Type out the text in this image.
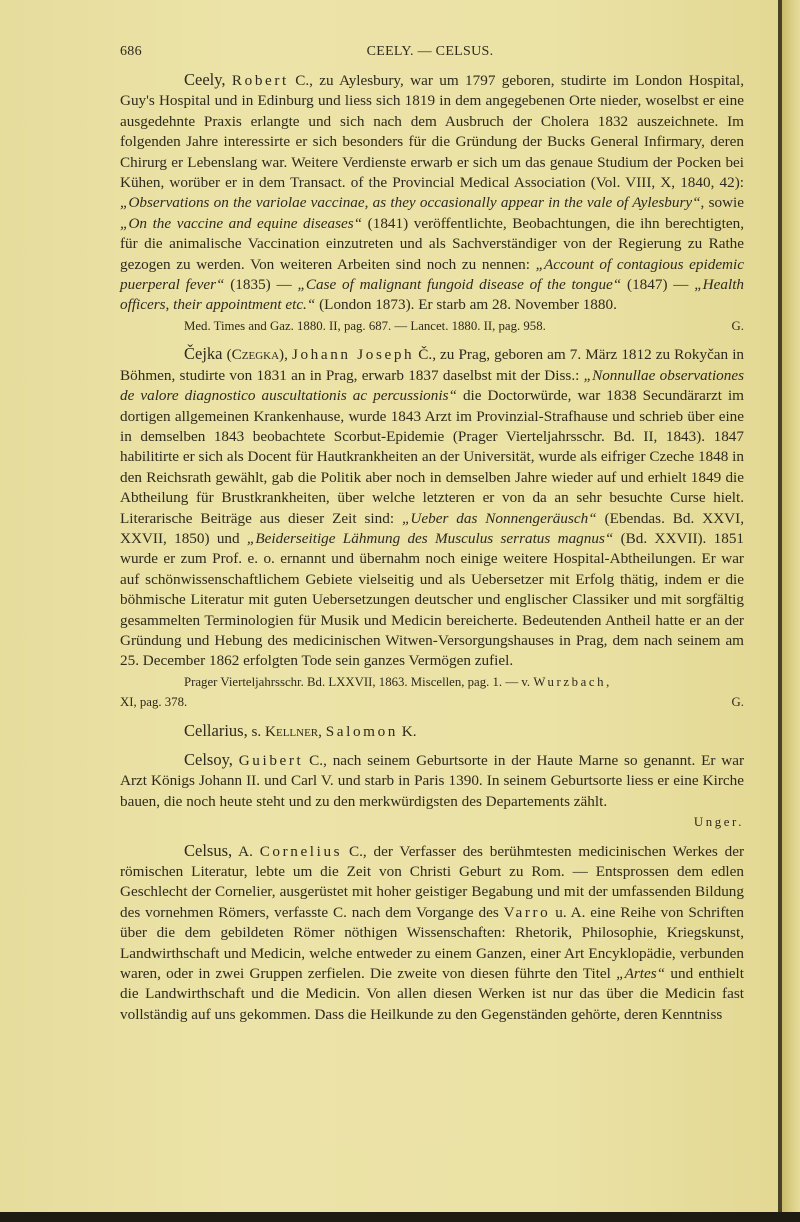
686	CEELY. — CELSUS.

Ceely, Robert C., zu Aylesbury, war um 1797 geboren, studirte im London Hospital, Guy's Hospital und in Edinburg und liess sich 1819 in dem angegebenen Orte nieder, woselbst er eine ausgedehnte Praxis erlangte und sich nach dem Ausbruch der Cholera 1832 auszeichnete. Im folgenden Jahre interessirte er sich besonders für die Gründung der Bucks General Infirmary, deren Chirurg er Lebenslang war. Weitere Verdienste erwarb er sich um das genaue Studium der Pocken bei Kühen, worüber er in dem Transact. of the Provincial Medical Association (Vol. VIII, X, 1840, 42): „Observations on the variolae vaccinae, as they occasionally appear in the vale of Aylesbury“, sowie „On the vaccine and equine diseases“ (1841) veröffentlichte, Beobachtungen, die ihn berechtigten, für die animalische Vaccination einzutreten und als Sachverständiger von der Regierung zu Rathe gezogen zu werden. Von weiteren Arbeiten sind noch zu nennen: „Account of contagious epidemic puerperal fever“ (1835) — „Case of malignant fungoid disease of the tongue“ (1847) — „Health officers, their appointment etc.“ (London 1873). Er starb am 28. November 1880.

Med. Times and Gaz. 1880. II, pag. 687. — Lancet. 1880. II, pag. 958.	G.

Čejka (Czegka), Johann Joseph Č., zu Prag, geboren am 7. März 1812 zu Rokyčan in Böhmen, studirte von 1831 an in Prag, erwarb 1837 daselbst mit der Diss.: „Nonnullae observationes de valore diagnostico auscultationis ac percussionis“ die Doctorwürde, war 1838 Secundärarzt im dortigen allgemeinen Krankenhause, wurde 1843 Arzt im Provinzial-Strafhause und schrieb über eine in demselben 1843 beobachtete Scorbut-Epidemie (Prager Vierteljahrsschr. Bd. II, 1843). 1847 habilitirte er sich als Docent für Hautkrankheiten an der Universität, wurde als eifriger Czeche 1848 in den Reichsrath gewählt, gab die Politik aber noch in demselben Jahre wieder auf und erhielt 1849 die Abtheilung für Brustkrankheiten, über welche letzteren er von da an sehr besuchte Curse hielt. Literarische Beiträge aus dieser Zeit sind: „Ueber das Nonnengeräusch“ (Ebendas. Bd. XXVI, XXVII, 1850) und „Beiderseitige Lähmung des Musculus serratus magnus“ (Bd. XXVII). 1851 wurde er zum Prof. e. o. ernannt und übernahm noch einige weitere Hospital-Abtheilungen. Er war auf schönwissenschaftlichem Gebiete vielseitig und als Uebersetzer mit Erfolg thätig, indem er die böhmische Literatur mit guten Uebersetzungen deutscher und englischer Classiker und mit sorgfältig gesammelten Terminologien für Musik und Medicin bereicherte. Bedeutenden Antheil hatte er an der Gründung und Hebung des medicinischen Witwen-Versorgungshauses in Prag, dem nach seinem am 25. December 1862 erfolgten Tode sein ganzes Vermögen zufiel.

Prager Vierteljahrsschr. Bd. LXXVII, 1863. Miscellen, pag. 1. — v. Wurzbach,

XI, pag. 378.	G.

Cellarius, s. Kellner, Salomon K.

Celsoy, Guibert C., nach seinem Geburtsorte in der Haute Marne so genannt. Er war Arzt Königs Johann II. und Carl V. und starb in Paris 1390. In seinem Geburtsorte liess er eine Kirche bauen, die noch heute steht und zu den merkwürdigsten des Departements zählt.

Unger.

Celsus, A. Cornelius C., der Verfasser des berühmtesten medicinischen Werkes der römischen Literatur, lebte um die Zeit von Christi Geburt zu Rom. — Entsprossen dem edlen Geschlecht der Cornelier, ausgerüstet mit hoher geistiger Begabung und mit der umfassenden Bildung des vornehmen Römers, verfasste C. nach dem Vorgange des Varro u. A. eine Reihe von Schriften über die dem gebildeten Römer nöthigen Wissenschaften: Rhetorik, Philosophie, Kriegskunst, Landwirthschaft und Medicin, welche entweder zu einem Ganzen, einer Art Encyklopädie, verbunden waren, oder in zwei Gruppen zerfielen. Die zweite von diesen führte den Titel „Artes“ und enthielt die Landwirthschaft und die Medicin. Von allen diesen Werken ist nur das über die Medicin fast vollständig auf uns gekommen. Dass die Heilkunde zu den Gegenständen gehörte, deren Kenntniss
